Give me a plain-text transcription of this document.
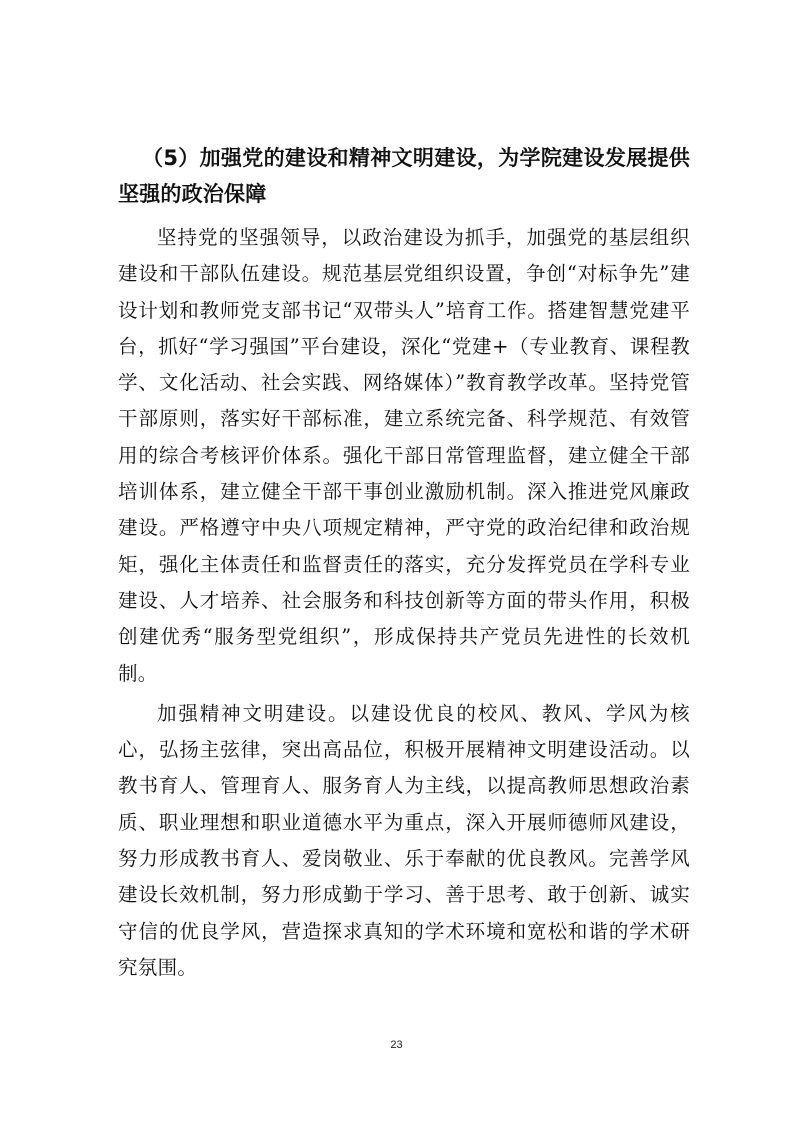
（5）加强党的建设和精神文明建设，为学院建设发展提供坚强的政治保障

坚持党的坚强领导，以政治建设为抓手，加强党的基层组织建设和干部队伍建设。规范基层党组织设置，争创“对标争先”建设计划和教师党支部书记“双带头人”培育工作。搭建智慧党建平台，抓好“学习强国”平台建设，深化“党建+（专业教育、课程教学、文化活动、社会实践、网络媒体）”教育教学改革。坚持党管干部原则，落实好干部标准，建立系统完备、科学规范、有效管用的综合考核评价体系。强化干部日常管理监督，建立健全干部培训体系，建立健全干部干事创业激励机制。深入推进党风廉政建设。严格遵守中央八项规定精神，严守党的政治纪律和政治规矩，强化主体责任和监督责任的落实，充分发挥党员在学科专业建设、人才培养、社会服务和科技创新等方面的带头作用，积极创建优秀“服务型党组织”，形成保持共产党员先进性的长效机制。

加强精神文明建设。以建设优良的校风、教风、学风为核心，弘扬主弦律，突出高品位，积极开展精神文明建设活动。以教书育人、管理育人、服务育人为主线，以提高教师思想政治素质、职业理想和职业道德水平为重点，深入开展师德师风建设，努力形成教书育人、爱岗敬业、乐于奉献的优良教风。完善学风建设长效机制，努力形成勤于学习、善于思考、敢于创新、诚实守信的优良学风，营造探求真知的学术环境和宽松和谐的学术研究氛围。

23
